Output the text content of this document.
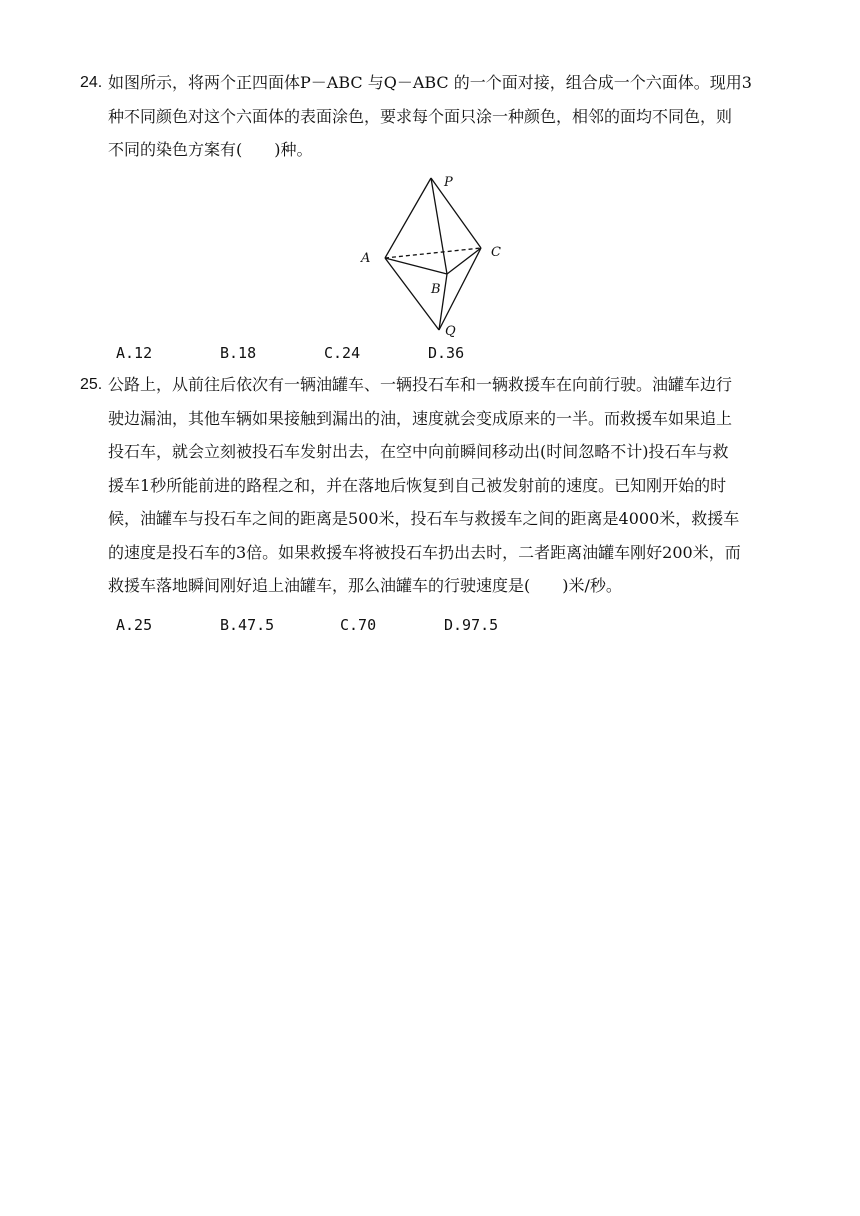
24. 如图所示，将两个正四面体P－ABC 与Q－ABC 的一个面对接，组合成一个六面体。现用3

种不同颜色对这个六面体的表面涂色，要求每个面只涂一种颜色，相邻的面均不同色，则

不同的染色方案有(　　)种。

P
A
B
C
Q
A.12	B.18	C.24	D.36
25. 公路上，从前往后依次有一辆油罐车、一辆投石车和一辆救援车在向前行驶。油罐车边行

驶边漏油，其他车辆如果接触到漏出的油，速度就会变成原来的一半。而救援车如果追上

投石车，就会立刻被投石车发射出去，在空中向前瞬间移动出(时间忽略不计)投石车与救

援车1秒所能前进的路程之和，并在落地后恢复到自己被发射前的速度。已知刚开始的时

候，油罐车与投石车之间的距离是500米，投石车与救援车之间的距离是4000米，救援车

的速度是投石车的3倍。如果救援车将被投石车扔出去时，二者距离油罐车刚好200米，而

救援车落地瞬间刚好追上油罐车，那么油罐车的行驶速度是(　　)米/秒。

A.25	B.47.5	C.70	D.97.5
